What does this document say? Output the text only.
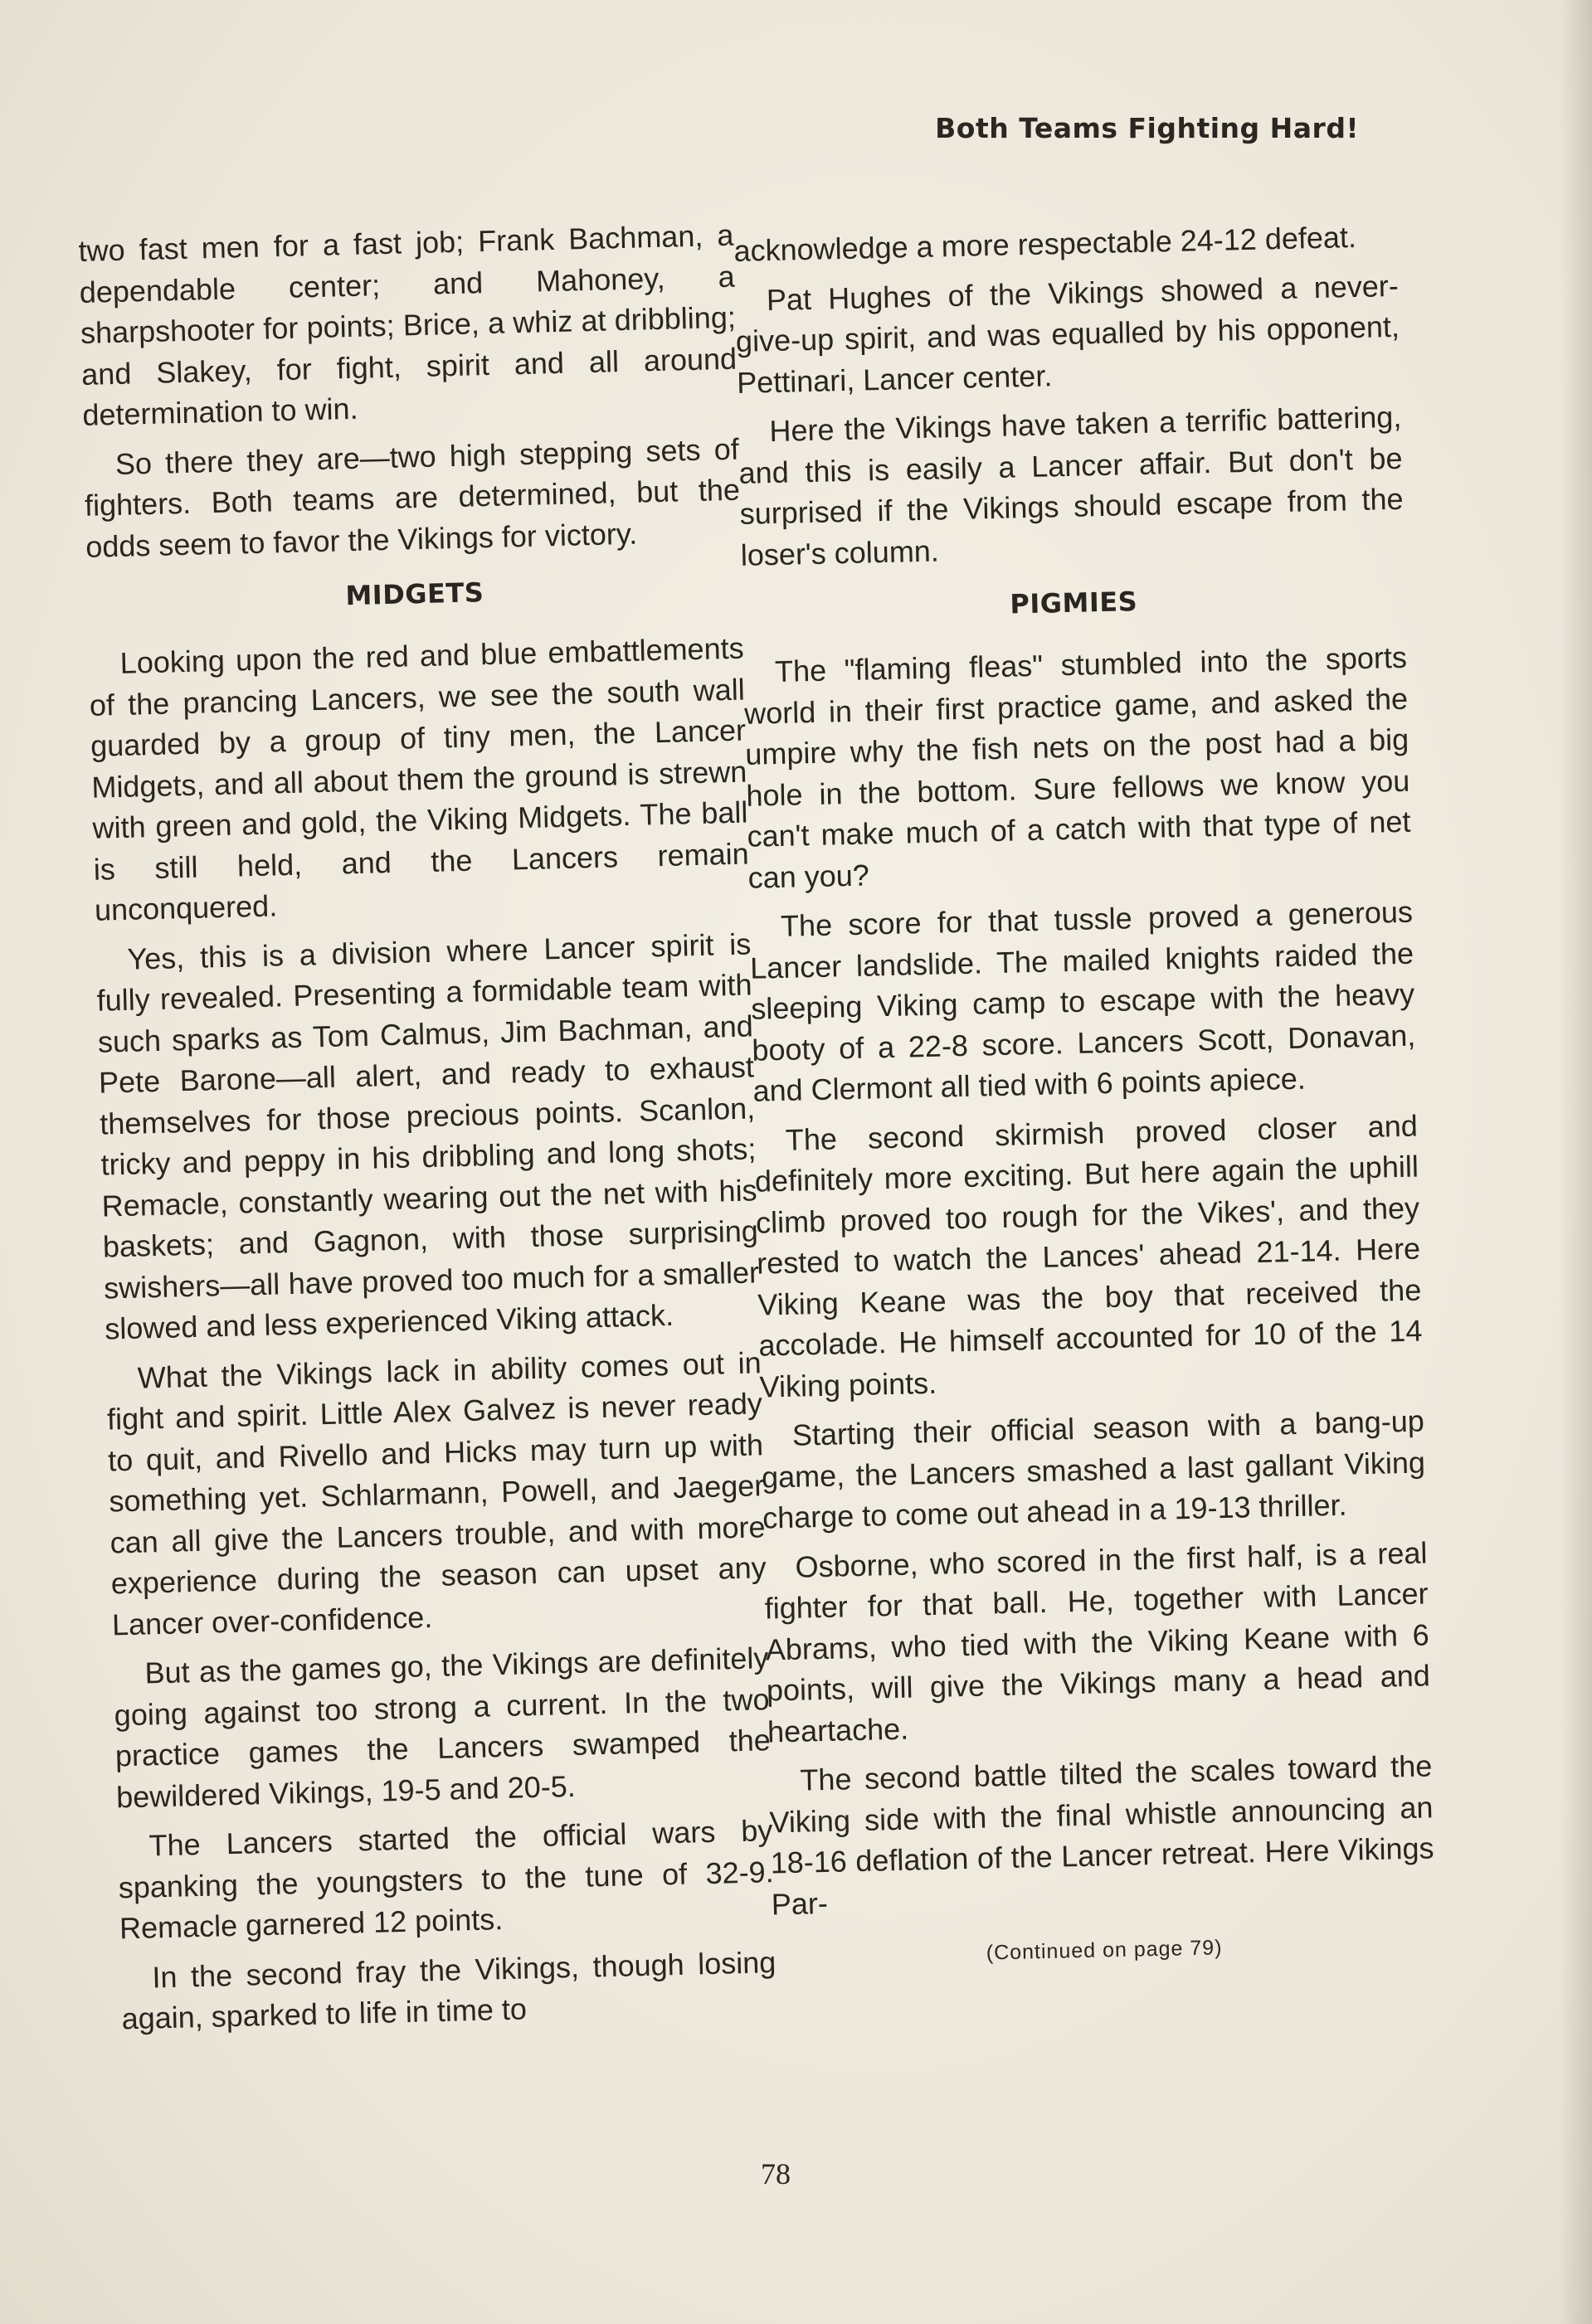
Both Teams Fighting Hard!

two fast men for a fast job; Frank Bachman, a dependable center; and Mahoney, a sharpshooter for points; Brice, a whiz at dribbling; and Slakey, for fight, spirit and all around determination to win.

So there they are—two high stepping sets of fighters. Both teams are determined, but the odds seem to favor the Vikings for victory.

MIDGETS

Looking upon the red and blue embattlements of the prancing Lancers, we see the south wall guarded by a group of tiny men, the Lancer Midgets, and all about them the ground is strewn with green and gold, the Viking Midgets. The ball is still held, and the Lancers remain unconquered.

Yes, this is a division where Lancer spirit is fully revealed. Presenting a formidable team with such sparks as Tom Calmus, Jim Bachman, and Pete Barone—all alert, and ready to exhaust themselves for those precious points. Scanlon, tricky and peppy in his dribbling and long shots; Remacle, constantly wearing out the net with his baskets; and Gagnon, with those surprising swishers—all have proved too much for a smaller slowed and less experienced Viking attack.

What the Vikings lack in ability comes out in fight and spirit. Little Alex Galvez is never ready to quit, and Rivello and Hicks may turn up with something yet. Schlarmann, Powell, and Jaeger can all give the Lancers trouble, and with more experience during the season can upset any Lancer over-confidence.

But as the games go, the Vikings are definitely going against too strong a current. In the two practice games the Lancers swamped the bewildered Vikings, 19-5 and 20-5.

The Lancers started the official wars by spanking the youngsters to the tune of 32-9. Remacle garnered 12 points.

In the second fray the Vikings, though losing again, sparked to life in time to

acknowledge a more respectable 24-12 defeat.

Pat Hughes of the Vikings showed a never-give-up spirit, and was equalled by his opponent, Pettinari, Lancer center.

Here the Vikings have taken a terrific battering, and this is easily a Lancer affair. But don't be surprised if the Vikings should escape from the loser's column.

PIGMIES

The "flaming fleas" stumbled into the sports world in their first practice game, and asked the umpire why the fish nets on the post had a big hole in the bottom. Sure fellows we know you can't make much of a catch with that type of net can you?

The score for that tussle proved a generous Lancer landslide. The mailed knights raided the sleeping Viking camp to escape with the heavy booty of a 22-8 score. Lancers Scott, Donavan, and Clermont all tied with 6 points apiece.

The second skirmish proved closer and definitely more exciting. But here again the uphill climb proved too rough for the Vikes', and they rested to watch the Lances' ahead 21-14. Here Viking Keane was the boy that received the accolade. He himself accounted for 10 of the 14 Viking points.

Starting their official season with a bang-up game, the Lancers smashed a last gallant Viking charge to come out ahead in a 19-13 thriller.

Osborne, who scored in the first half, is a real fighter for that ball. He, together with Lancer Abrams, who tied with the Viking Keane with 6 points, will give the Vikings many a head and heartache.

The second battle tilted the scales toward the Viking side with the final whistle announcing an 18-16 deflation of the Lancer retreat. Here Vikings Par-

(Continued on page 79)
78
